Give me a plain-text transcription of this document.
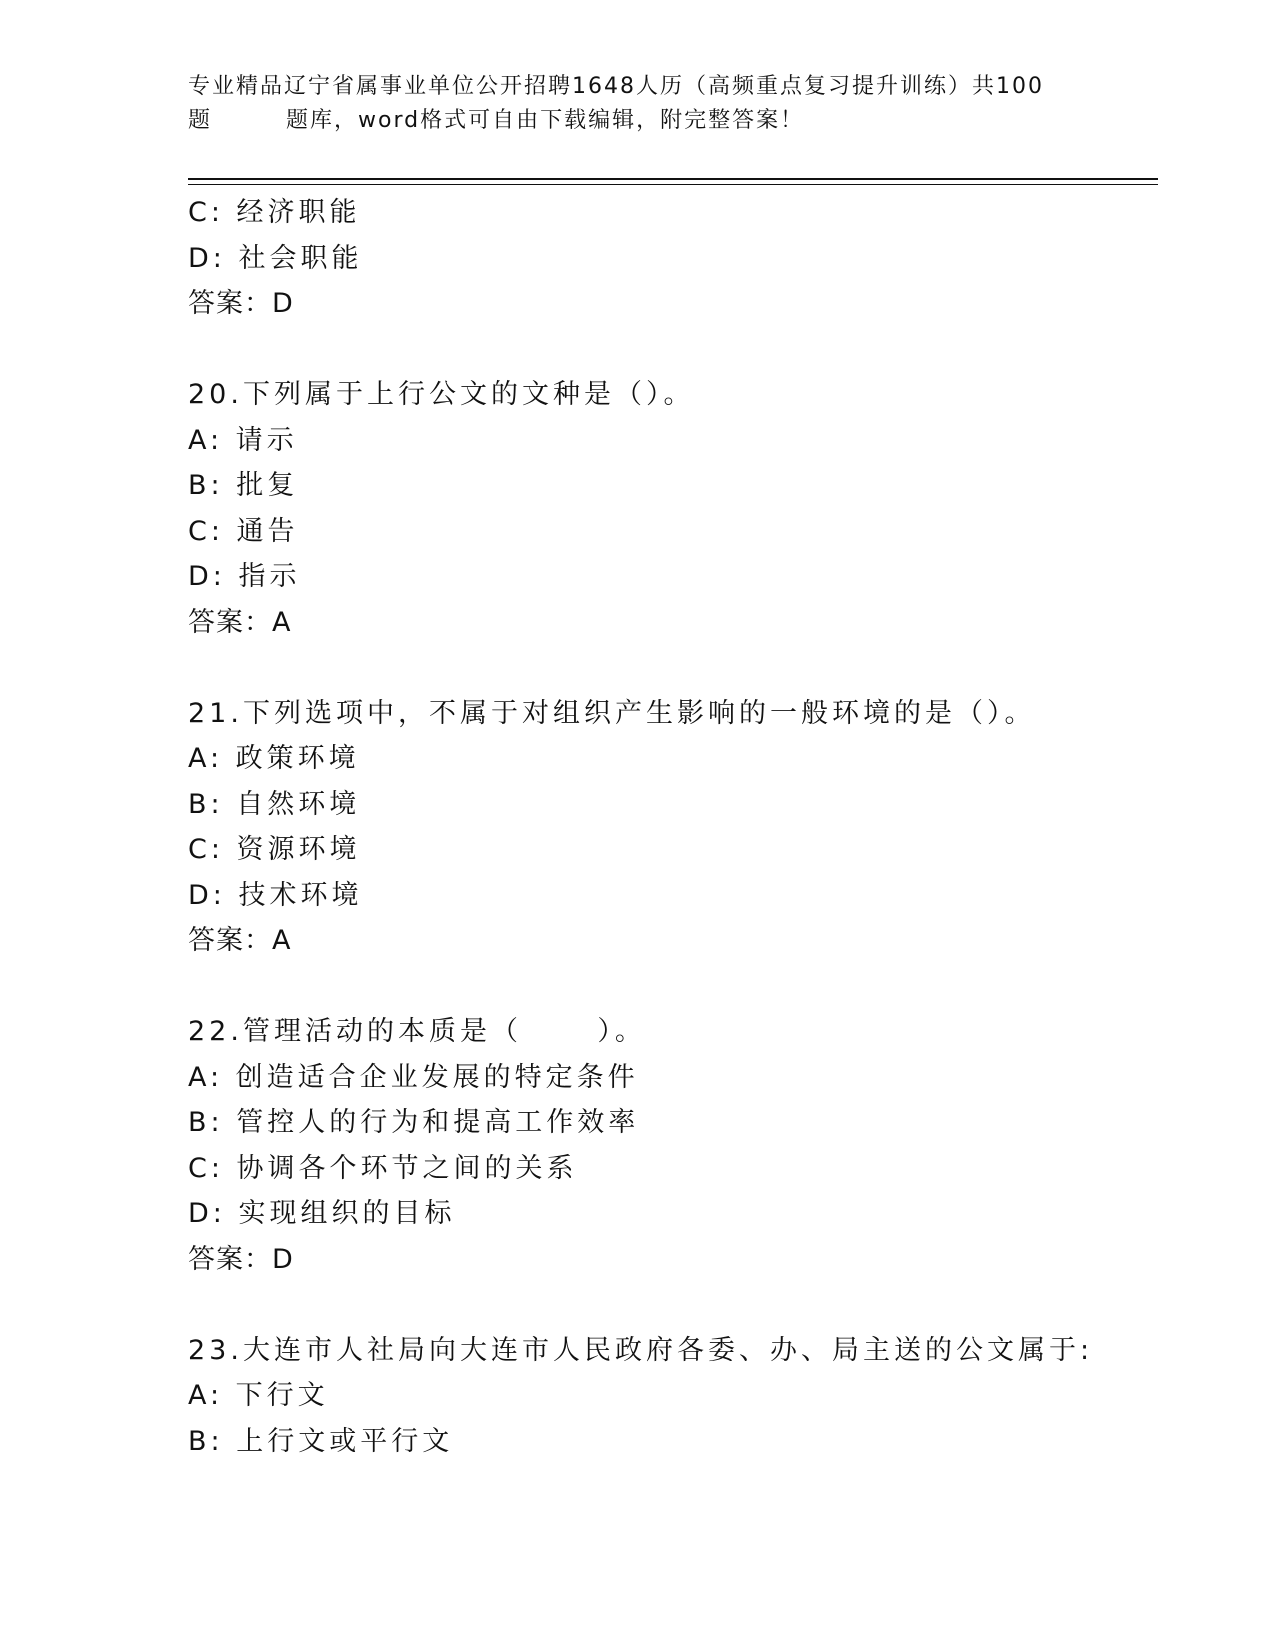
专业精品辽宁省属事业单位公开招聘1648人历（高频重点复习提升训练）共100
题	题库，word格式可自由下载编辑，附完整答案！
C: 经济职能
D: 社会职能
答案：D
20.下列属于上行公文的文种是（）。
A: 请示
B: 批复
C: 通告
D: 指示
答案：A
21.下列选项中，不属于对组织产生影响的一般环境的是（）。
A: 政策环境
B: 自然环境
C: 资源环境
D: 技术环境
答案：A
22.管理活动的本质是（      ）。
A: 创造适合企业发展的特定条件
B: 管控人的行为和提高工作效率
C: 协调各个环节之间的关系
D: 实现组织的目标
答案：D
23.大连市人社局向大连市人民政府各委、办、局主送的公文属于:
A: 下行文
B: 上行文或平行文
